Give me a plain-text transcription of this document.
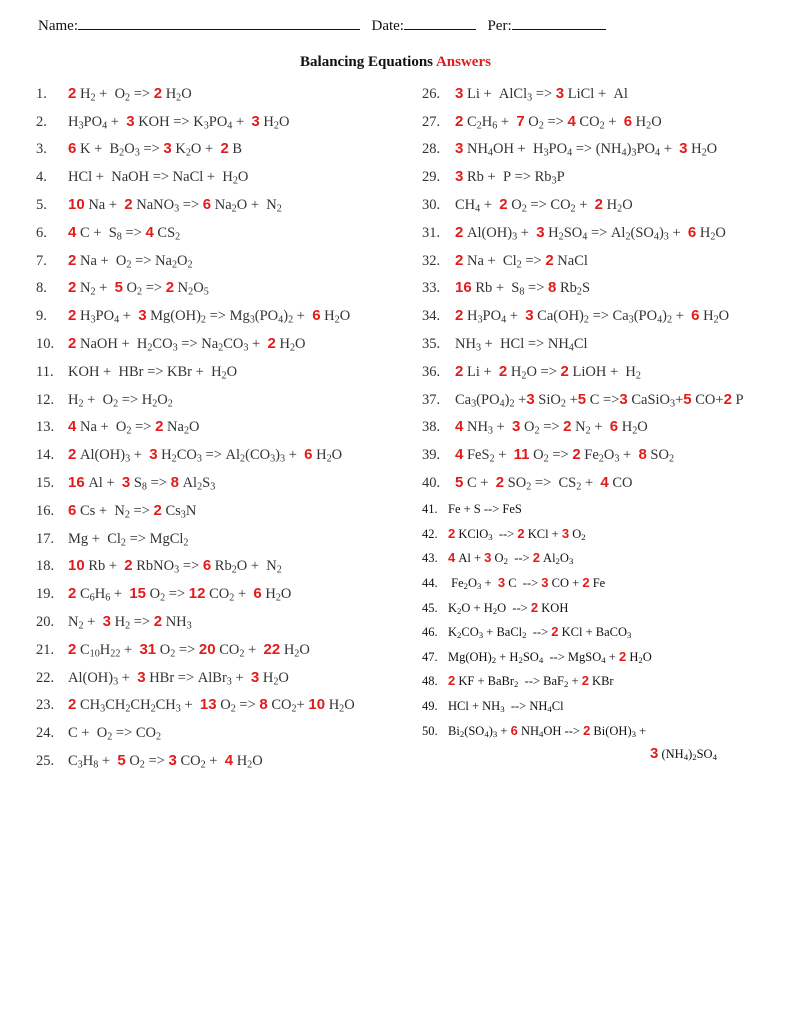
Name:	Date:	Per:
Balancing Equations Answers
1.	2 $H_2 + O_2 => 2$ $H_2O$
2.	$H_3PO_4 + 3$ KOH => $K_3PO_4 + 3$ $H_2O$
3.	6 $K + B_2O_3 => 3$ $K_2O + 2$ B
4.	HCl +  NaOH => NaCl +  $H_2O$
5.	10 Na +  2 NaNO$_3$ => 6 $Na_2O + N_2$
6.	4 $C + S_8 => 4$ $CS_2$
7.	2 $Na + O_2 => Na_2O_2$
8.	2 $N_2 + 5$ $O_2 => 2$ $N_2O_5$
9.	2 $H_3PO_4 + 3$ $Mg(OH)_2 => Mg_3(PO_4)_2 + 6$ $H_2O$
10. 2 NaOH +  $H_2CO_3 => Na_2CO_3 + 2$ $H_2O$
11. KOH +  HBr => KBr +  $H_2O$
12. $H_2 + O_2 => H_2O_2$
13. 4 $Na + O_2 => 2$ $Na_2O$
14. 2 $Al(OH)_3 + 3$ $H_2CO_3 => Al_2(CO_3)_3 + 6$ $H_2O$
15. 16 Al +  3 $S_8 => 8$ $Al_2S_3$
16. 6 $Cs + N_2 => 2$ $Cs_3N$
17. $Mg + Cl_2$ => MgCl$_2$
18. 10 Rb +  2 RbNO$_3$ => 6 $Rb_2O + N_2$
19. 2 $C_6H_6 + 15$ $O_2 => 12$ $CO_2 + 6$ $H_2O$
20. $N_2 + 3$ $H_2 => 2$ $NH_3$
21. 2 $C_{10}H_{22} + 31$ $O_2 => 20$ $CO_2 + 22$ $H_2O$
22. $Al(OH)_3 + 3$ HBr => AlBr$_3$ +  3 $H_2O$
23. 2 $CH_3CH_2CH_2CH_3 + 13$ $O_2 => 8$ $CO_2+ 10$ $H_2O$
24. $C + O_2 => CO_2$
25. $C_3H_8 + 5$ $O_2 => 3$ $CO_2 + 4$ $H_2O$
26. 3 Li +  AlCl$_3$ => 3 LiCl +  Al
27. 2 $C_2H_6 + 7$ $O_2 => 4$ $CO_2 + 6$ $H_2O$
28. 3 $NH_4OH + H_3PO_4 => (NH_4)_3PO_4 + 3$ $H_2O$
29. 3 $Rb + P => Rb_3P$
30.	$CH_4 + 2$ $O_2 => CO_2 + 2$ $H_2O$
31. 2 $Al(OH)_3 + 3$ $H_2SO_4 => Al_2(SO_4)_3 + 6$ $H_2O$
32. 2 $Na + Cl_2 => 2$ NaCl
33. 16 $Rb + S_8 => 8$ $Rb_2S$
34. 2 $H_3PO_4 + 3$ $Ca(OH)_2 => Ca_3(PO_4)_2 + 6$ $H_2O$
35.	$NH_3$ +  HCl => $NH_4Cl$
36. 2 Li +  2 $H_2O => 2$ LiOH +  $H_2$
37.	$Ca_3(PO_4)_2 +3$ SiO$_2$ +5 C =>3 CaSiO$_3$+5 CO+2 P
38. 4 $NH_3 + 3$ $O_2 => 2$ $N_2 + 6$ $H_2O$
39. 4 FeS$_2$ +  11 $O_2 => 2$ $Fe_2O_3 + 8$ $SO_2$
40. 5 C +  2 $SO_2 => CS_2 + 4$ CO
41. Fe + S --> FeS
42. 2 KClO$_3$  --> 2 KCl + 3 $O_2$
43. 4 Al + 3 $O_2$  --> 2 $Al_2O_3$
44. $Fe_2O_3 + 3$ C  --> 3 CO + 2 Fe
45. $K_2O + H_2O$  --> 2 KOH
46. $K_2CO_3$ + BaCl$_2$  --> 2 KCl + BaCO$_3$
47. $Mg(OH)_2 + H_2SO_4$  --> MgSO$_4$ + 2 $H_2O$
48. 2 KF + BaBr$_2$  --> BaF$_2$ + 2 KBr
49. HCl + $NH_3$  --> $NH_4Cl$
50. $Bi_2(SO_4)_3 + 6$ $NH_4OH$ --> 2 $Bi(OH)_3$ +
3 $(NH_4)_2SO_4$
